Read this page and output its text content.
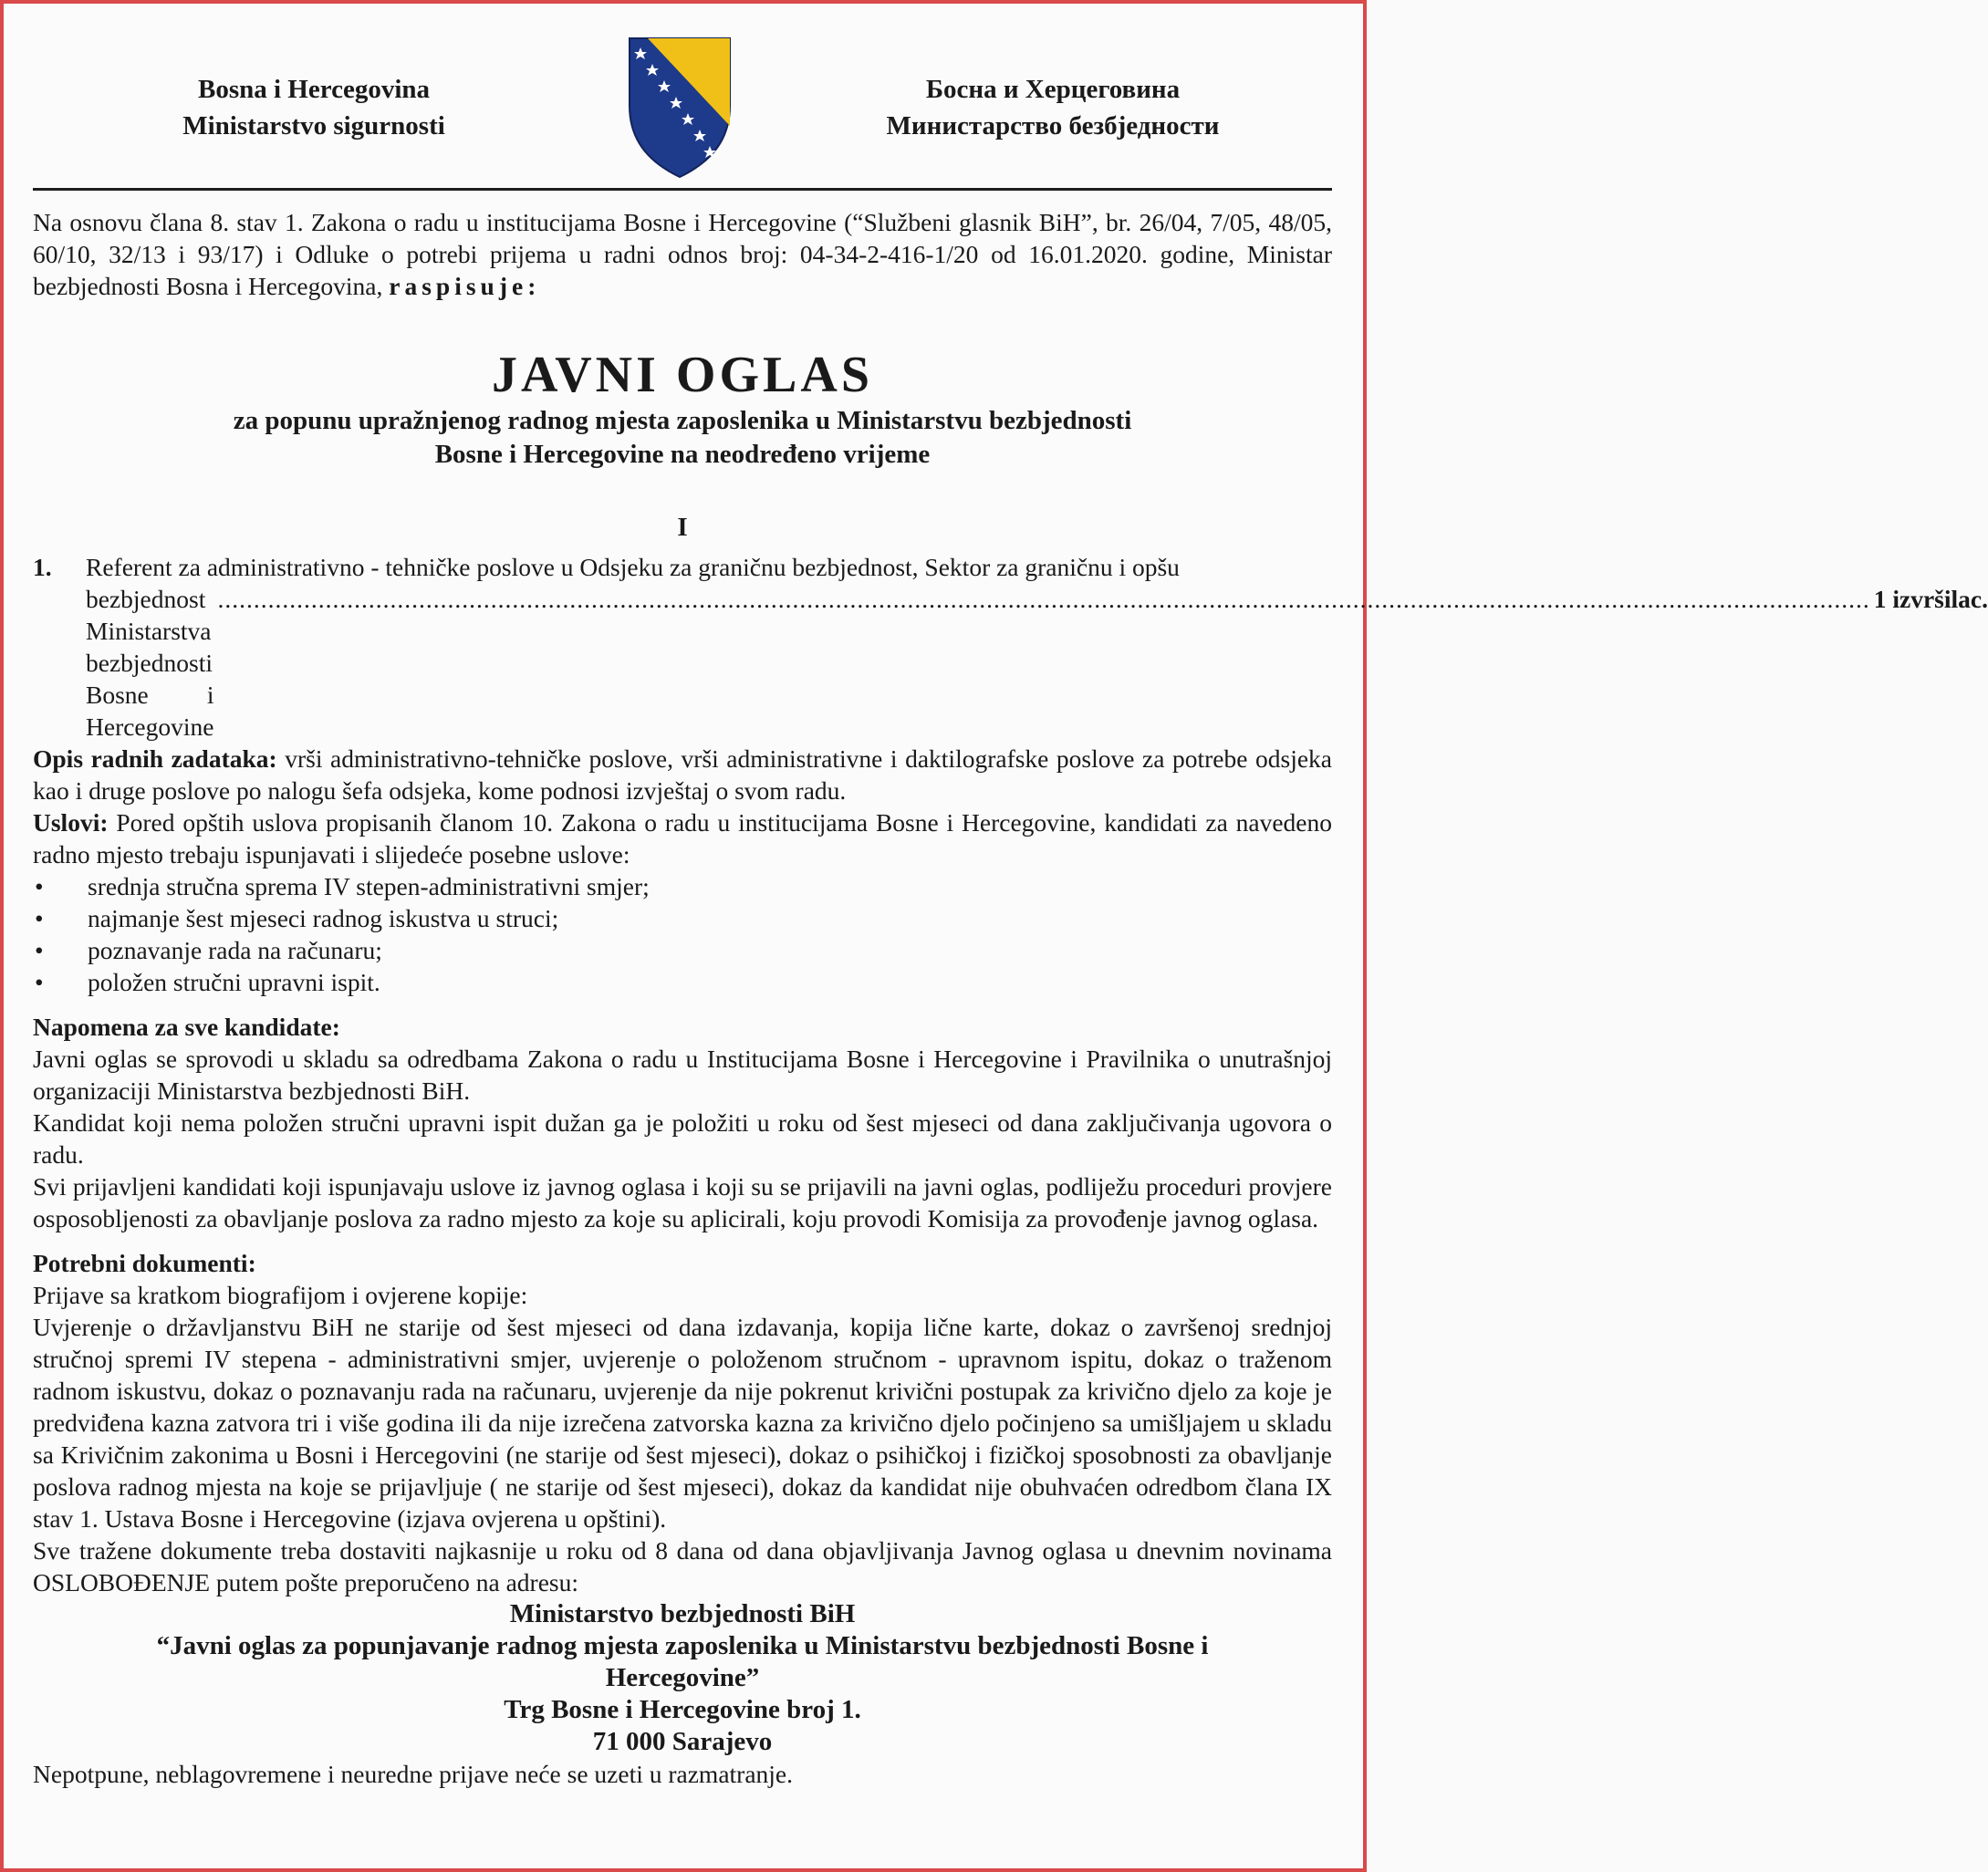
Bosna i Hercegovina
Ministarstvo sigurnosti
Босна и Херцеговина
Министарство безбједности

Na osnovu člana 8. stav 1. Zakona o radu u institucijama Bosne i Hercegovine (“Službeni glasnik BiH”, br. 26/04, 7/05, 48/05, 60/10, 32/13 i 93/17) i Odluke o potrebi prijema u radni odnos broj: 04-34-2-416-1/20 od 16.01.2020. godine, Ministar bezbjednosti Bosna i Hercegovina, raspisuje:

JAVNI OGLAS
za popunu upražnjenog radnog mjesta zaposlenika u Ministarstvu bezbjednosti
Bosne i Hercegovine na neodređeno vrijeme
I
1.	Referent za administrativno - tehničke poslove u Odsjeku za graničnu bezbjednost, Sektor za graničnu i opšu
bezbjednost Ministarstva bezbjednosti Bosne i Hercegovine
.....
1 izvršilac.

Opis radnih zadataka: vrši administrativno-tehničke poslove, vrši administrativne i daktilografske poslove za potrebe odsjeka kao i druge poslove po nalogu šefa odsjeka, kome podnosi izvještaj o svom radu.

Uslovi: Pored opštih uslova propisanih članom 10. Zakona o radu u institucijama Bosne i Hercegovine, kandidati za navedeno radno mjesto trebaju ispunjavati i slijedeće posebne uslove:

•	srednja stručna sprema IV stepen-administrativni smjer;
•	najmanje šest mjeseci radnog iskustva u struci;
•	poznavanje rada na računaru;
•	položen stručni upravni ispit.

Napomena za sve kandidate:

Javni oglas se sprovodi u skladu sa odredbama Zakona o radu u Institucijama Bosne i Hercegovine i Pravilnika o unutrašnjoj organizaciji Ministarstva bezbjednosti BiH.

Kandidat koji nema položen stručni upravni ispit dužan ga je položiti u roku od šest mjeseci od dana zaključivanja ugovora o radu.

Svi prijavljeni kandidati koji ispunjavaju uslove iz javnog oglasa i koji su se prijavili na javni oglas, podliježu proceduri provjere osposobljenosti za obavljanje poslova za radno mjesto za koje su aplicirali, koju provodi Komisija za provođenje javnog oglasa.

Potrebni dokumenti:

Prijave sa kratkom biografijom i ovjerene kopije:

Uvjerenje o državljanstvu BiH ne starije od šest mjeseci od dana izdavanja, kopija lične karte, dokaz o završenoj srednjoj stručnoj spremi IV stepena - administrativni smjer, uvjerenje o položenom stručnom - upravnom ispitu, dokaz o traženom radnom iskustvu, dokaz o poznavanju rada na računaru, uvjerenje da nije pokrenut krivični postupak za krivično djelo za koje je predviđena kazna zatvora tri i više godina ili da nije izrečena zatvorska kazna za krivično djelo počinjeno sa umišljajem u skladu sa Krivičnim zakonima u Bosni i Hercegovini (ne starije od šest mjeseci), dokaz o psihičkoj i fizičkoj sposobnosti za obavljanje poslova radnog mjesta na koje se prijavljuje ( ne starije od šest mjeseci), dokaz da kandidat nije obuhvaćen odredbom člana IX stav 1. Ustava Bosne i Hercegovine (izjava ovjerena u opštini).

Sve tražene dokumente treba dostaviti najkasnije u roku od 8 dana od dana objavljivanja Javnog oglasa u dnevnim novinama OSLOBOĐENJE putem pošte preporučeno na adresu:

Ministarstvo bezbjednosti BiH
“Javni oglas za popunjavanje radnog mjesta zaposlenika u Ministarstvu bezbjednosti Bosne i
Hercegovine”
Trg Bosne i Hercegovine broj 1.
71 000 Sarajevo

Nepotpune, neblagovremene i neuredne prijave neće se uzeti u razmatranje.
